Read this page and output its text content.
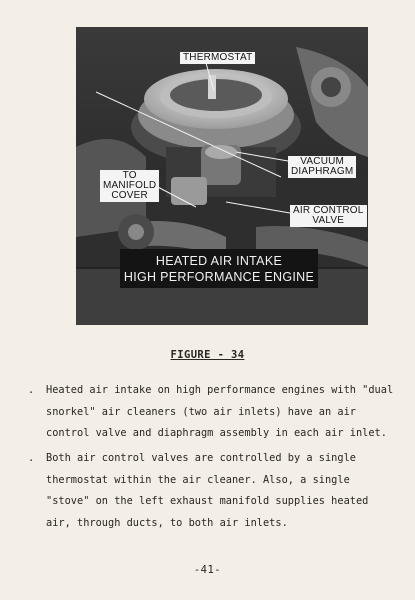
THERMOSTAT
VACUUM
DIAPHRAGM
TO
MANIFOLD
COVER
AIR CONTROL
VALVE
HEATED AIR INTAKE
HIGH PERFORMANCE ENGINE
FIGURE - 34
. Heated air intake on high performance engines with "dual snorkel" air cleaners (two air inlets) have an air control valve and diaphragm assembly in each air inlet.
. Both air control valves are controlled by a single thermostat within the air cleaner. Also, a single "stove" on the left exhaust manifold supplies heated air, through ducts, to both air inlets.
-41-
